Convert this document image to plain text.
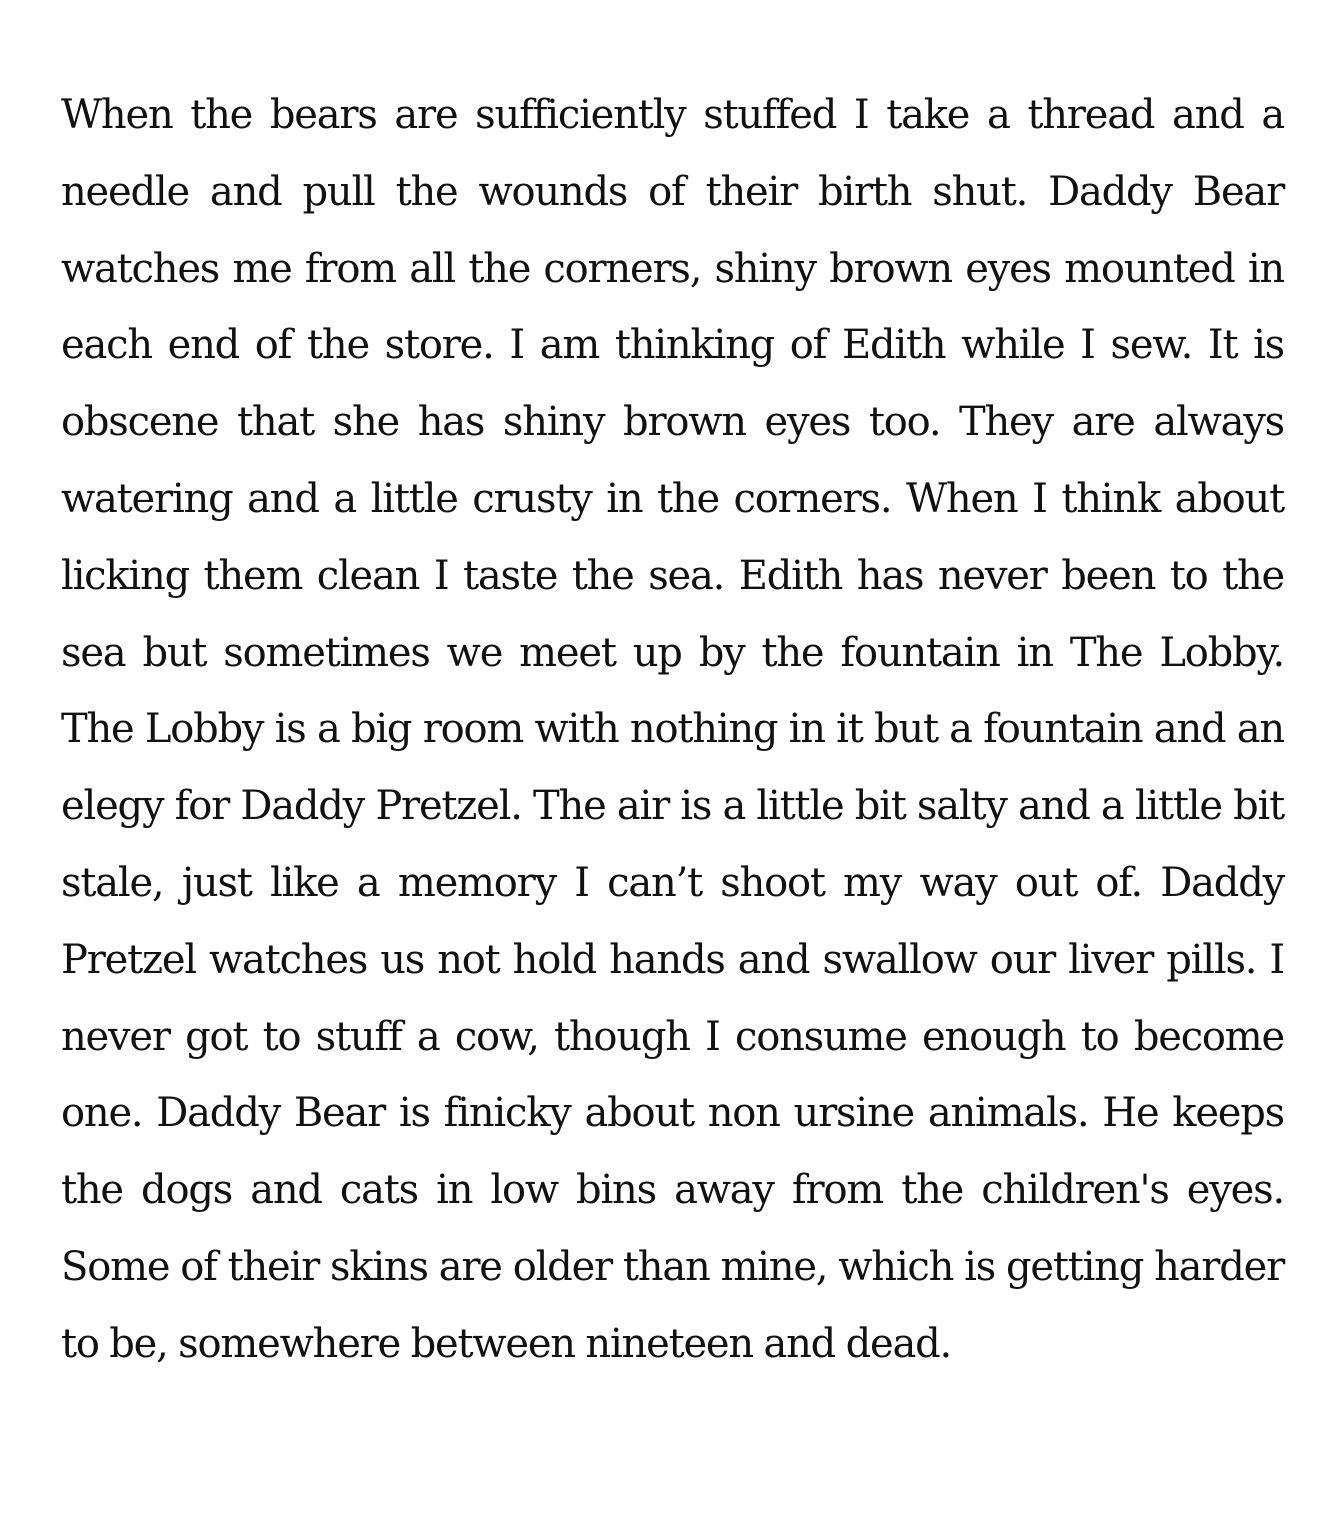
When the bears are sufficiently stuffed I take a thread and a needle and pull the wounds of their birth shut. Daddy Bear watches me from all the corners, shiny brown eyes mounted in each end of the store. I am thinking of Edith while I sew. It is obscene that she has shiny brown eyes too. They are always watering and a little crusty in the corners. When I think about licking them clean I taste the sea. Edith has never been to the sea but sometimes we meet up by the fountain in The Lobby. The Lobby is a big room with nothing in it but a fountain and an elegy for Daddy Pretzel. The air is a little bit salty and a little bit stale, just like a memory I can’t shoot my way out of. Daddy Pretzel watches us not hold hands and swallow our liver pills. I never got to stuff a cow, though I consume enough to become one. Daddy Bear is finicky about non ursine animals. He keeps the dogs and cats in low bins away from the children's eyes. Some of their skins are older than mine, which is getting harder to be, somewhere between nineteen and dead.
